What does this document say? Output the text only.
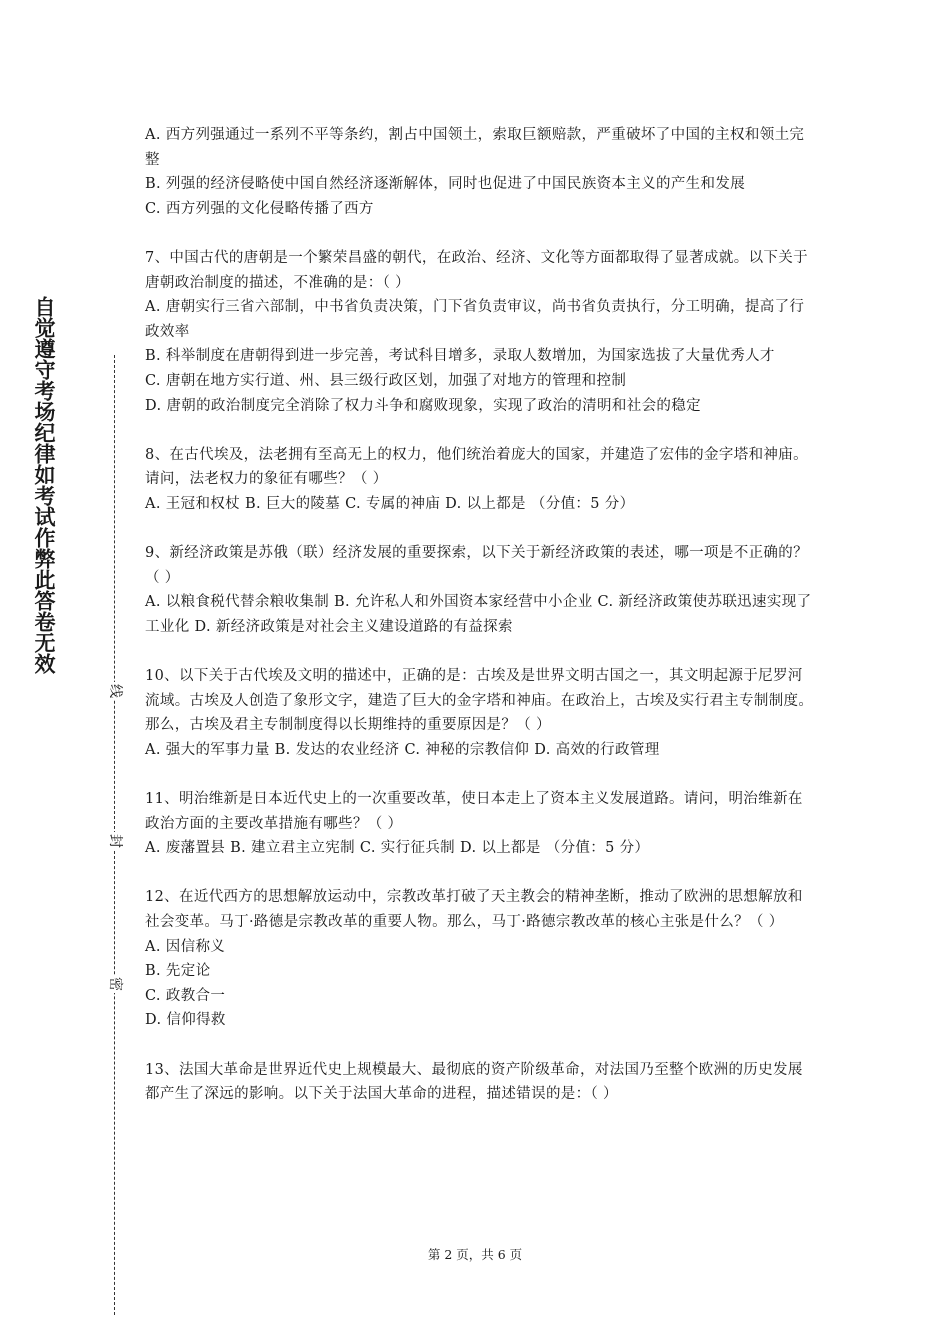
自觉遵守考场纪律如考试作弊此答卷无效
线
封
密

A. 西方列强通过一系列不平等条约，割占中国领土，索取巨额赔款，严重破坏了中国的主权和领土完整

B. 列强的经济侵略使中国自然经济逐渐解体，同时也促进了中国民族资本主义的产生和发展

C. 西方列强的文化侵略传播了西方

7、中国古代的唐朝是一个繁荣昌盛的朝代，在政治、经济、文化等方面都取得了显著成就。以下关于唐朝政治制度的描述，不准确的是：（ ）

A. 唐朝实行三省六部制，中书省负责决策，门下省负责审议，尚书省负责执行，分工明确，提高了行政效率

B. 科举制度在唐朝得到进一步完善，考试科目增多，录取人数增加，为国家选拔了大量优秀人才

C. 唐朝在地方实行道、州、县三级行政区划，加强了对地方的管理和控制

D. 唐朝的政治制度完全消除了权力斗争和腐败现象，实现了政治的清明和社会的稳定

8、在古代埃及，法老拥有至高无上的权力，他们统治着庞大的国家，并建造了宏伟的金字塔和神庙。请问，法老权力的象征有哪些？（ ）

A. 王冠和权杖 B. 巨大的陵墓 C. 专属的神庙 D. 以上都是 （分值：5 分）

9、新经济政策是苏俄（联）经济发展的重要探索，以下关于新经济政策的表述，哪一项是不正确的？（ ）

A. 以粮食税代替余粮收集制 B. 允许私人和外国资本家经营中小企业 C. 新经济政策使苏联迅速实现了工业化 D. 新经济政策是对社会主义建设道路的有益探索

10、以下关于古代埃及文明的描述中，正确的是：古埃及是世界文明古国之一，其文明起源于尼罗河流域。古埃及人创造了象形文字，建造了巨大的金字塔和神庙。在政治上，古埃及实行君主专制制度。那么，古埃及君主专制制度得以长期维持的重要原因是？（ ）

A. 强大的军事力量 B. 发达的农业经济 C. 神秘的宗教信仰 D. 高效的行政管理

11、明治维新是日本近代史上的一次重要改革，使日本走上了资本主义发展道路。请问，明治维新在政治方面的主要改革措施有哪些？（ ）

A. 废藩置县 B. 建立君主立宪制 C. 实行征兵制 D. 以上都是 （分值：5 分）

12、在近代西方的思想解放运动中，宗教改革打破了天主教会的精神垄断，推动了欧洲的思想解放和社会变革。马丁·路德是宗教改革的重要人物。那么，马丁·路德宗教改革的核心主张是什么？（ ）

A. 因信称义

B. 先定论

C. 政教合一

D. 信仰得救

13、法国大革命是世界近代史上规模最大、最彻底的资产阶级革命，对法国乃至整个欧洲的历史发展都产生了深远的影响。以下关于法国大革命的进程，描述错误的是：（ ）

第 2 页，共 6 页
